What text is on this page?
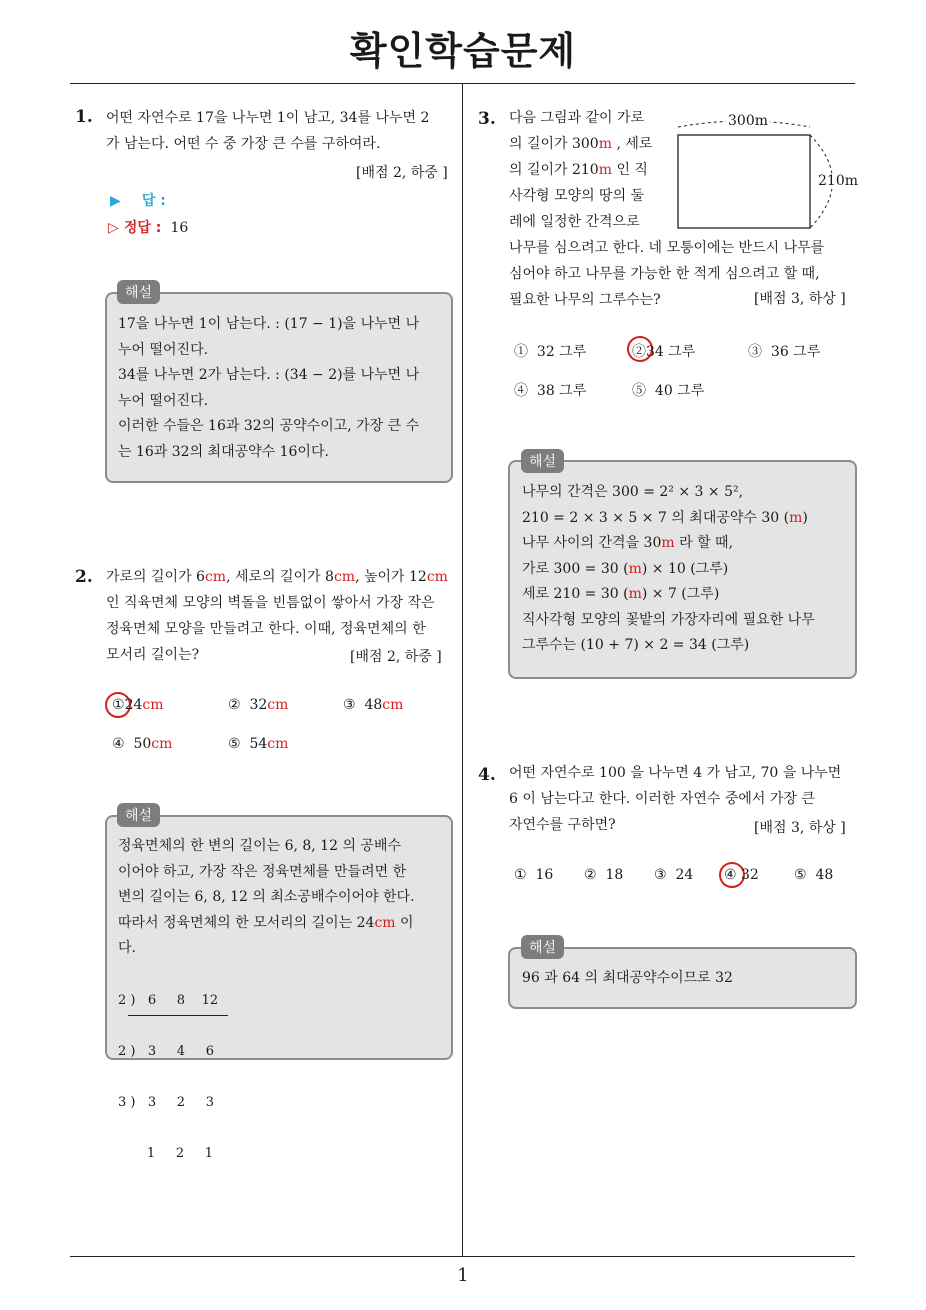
확인학습문제
1
1. 어떤 자연수로 17을 나누면 1이 남고, 34를 나누면 2
가 남는다. 어떤 수 중 가장 큰 수를 구하여라.
[배점 2, 하중 ]
▶ 답 :
▷ 정답 : 16
해설
17을 나누면 1이 남는다. : (17 − 1)을 나누면 나
누어 떨어진다.
34를 나누면 2가 남는다. : (34 − 2)를 나누면 나
누어 떨어진다.
이러한 수들은 16과 32의 공약수이고, 가장 큰 수
는 16과 32의 최대공약수 16이다.
2. 가로의 길이가 6cm, 세로의 길이가 8cm, 높이가 12cm
인 직육면체 모양의 벽돌을 빈틈없이 쌓아서 가장 작은
정육면체 모양을 만들려고 한다. 이때, 정육면체의 한
모서리 길이는?	[배점 2, 하중 ]
①24cm	② 32cm	③ 48cm
④ 50cm	⑤ 54cm
해설
정육면체의 한 변의 길이는 6, 8, 12 의 공배수
이어야 하고, 가장 작은 정육면체를 만들려면 한
변의 길이는 6, 8, 12 의 최소공배수이어야 한다.
따라서 정육면체의 한 모서리의 길이는 24cm 이
다.

2 )   6     8    12

2 )   3     4     6

3 )   3     2     3

1     2     1

3. 다음 그림과 같이 가로
의 길이가 300m , 세로
의 길이가 210m 인 직
사각형 모양의 땅의 둘
레에 일정한 간격으로
나무를 심으려고 한다. 네 모퉁이에는 반드시 나무를
심어야 하고 나무를 가능한 한 적게 심으려고 할 때,
필요한 나무의 그루수는?	[배점 3, 하상 ]
300m
210m
① 32 그루	②34 그루	③ 36 그루
④ 38 그루	⑤ 40 그루
해설
나무의 간격은 300 = 2² × 3 × 5²,
210 = 2 × 3 × 5 × 7 의 최대공약수 30 (m)
나무 사이의 간격을 30m 라 할 때,
가로 300 = 30 (m) × 10 (그루)
세로 210 = 30 (m) × 7 (그루)
직사각형 모양의 꽃밭의 가장자리에 필요한 나무
그루수는 (10 + 7) × 2 = 34 (그루)
4. 어떤 자연수로 100 을 나누면 4 가 남고, 70 을 나누면
6 이 남는다고 한다. 이러한 자연수 중에서 가장 큰
자연수를 구하면?	[배점 3, 하상 ]
① 16 ② 18 ③ 24 ④ 32	⑤ 48
해설
96 과 64 의 최대공약수이므로 32
